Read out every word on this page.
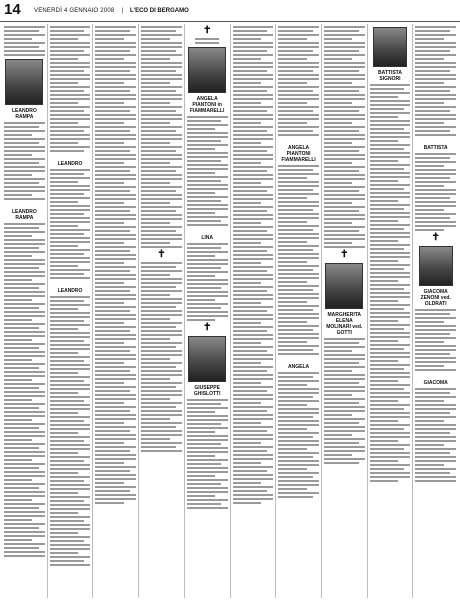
14 VENERDÌ 4 GENNAIO 2008 | L'ECO DI BERGAMO
LEANDRO RAMPA
LEANDRO RAMPA
LEANDRO
LEANDRO
✝
✝
ANGELA PIANTONI in FIAMMARELLI
LINA
✝
GIUSEPPE GHISLOTTI
ANGELA PIANTONI FIAMMARELLI
ANGELA
✝
MARGHERITA ELENA MOLINARI ved. GOTTI
BATTISTA SIGNORI
BATTISTA
✝
GIACOMA ZENONI ved. OLDRATI
GIACOMA
